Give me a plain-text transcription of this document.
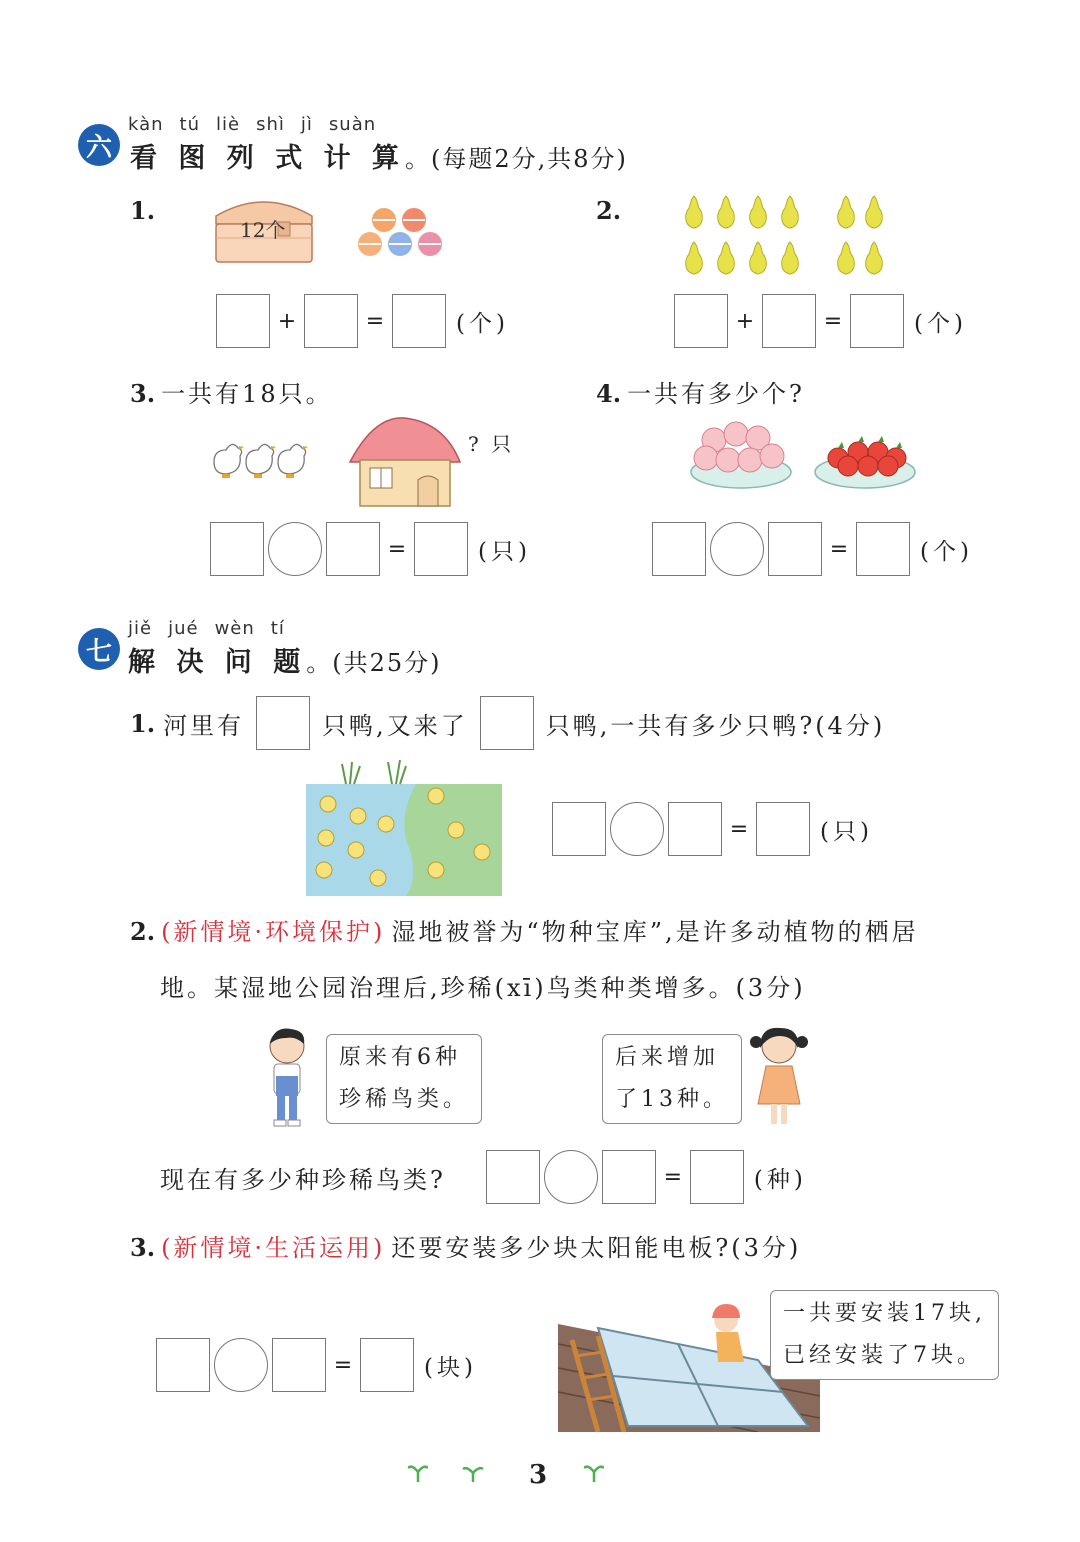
kàn tú liè shì jì suàn
六 看 图 列 式 计 算 。(每题2分,共8分)
1.
12个
+	=	(个)
2.
+	=	(个)
3. 一共有18只。
? 只
=	(只)
4. 一共有多少个?
=	(个)
jiě jué wèn tí
七 解 决 问 题 。(共25分)
1. 河里有	只鸭,又来了	只鸭,一共有多少只鸭?(4分)
=	(只)
2. (新情境·环境保护) 湿地被誉为“物种宝库”,是许多动植物的栖居
地。某湿地公园治理后,珍稀(xī)鸟类种类增多。(3分)
原来有6种
珍稀鸟类。
后来增加
了13种。
现在有多少种珍稀鸟类?	=	(种)
3. (新情境·生活运用) 还要安装多少块太阳能电板?(3分)
=	(块)
一共要安装17块,
已经安装了7块。
3
